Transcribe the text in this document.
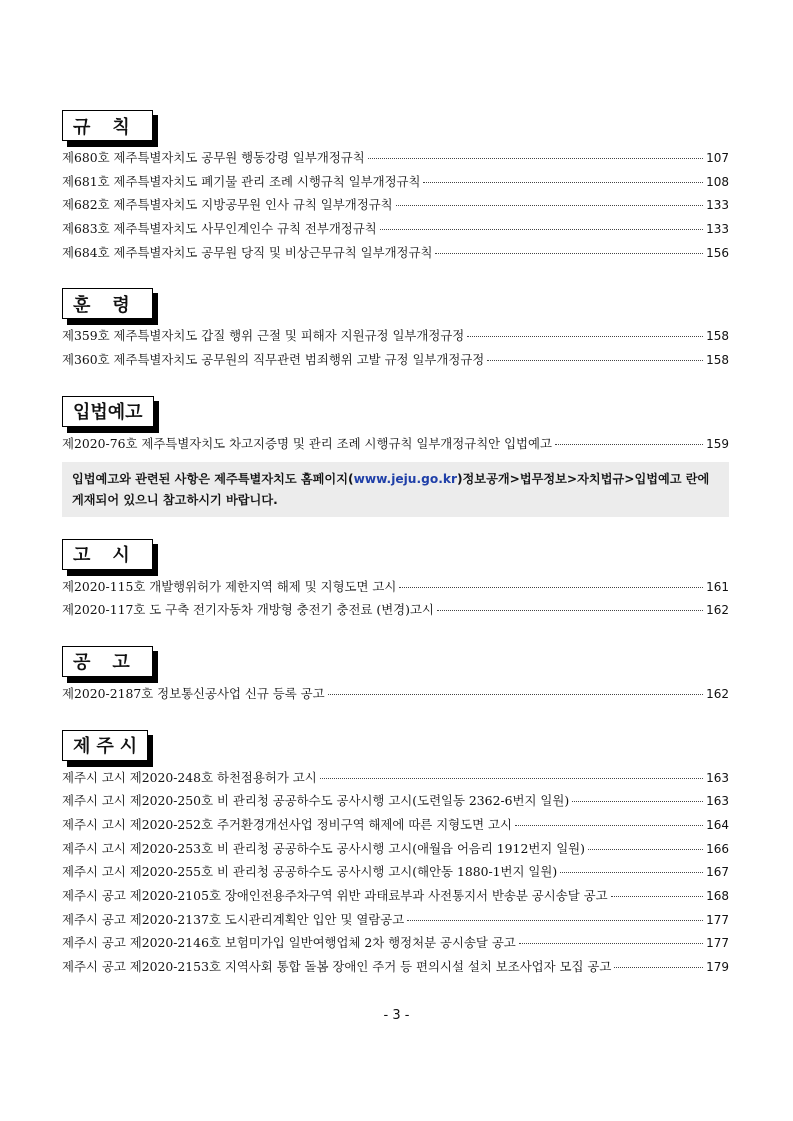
규칙
제680호 제주특별자치도 공무원 행동강령 일부개정규칙	107
제681호 제주특별자치도 폐기물 관리 조례 시행규칙 일부개정규칙	108
제682호 제주특별자치도 지방공무원 인사 규칙 일부개정규칙	133
제683호 제주특별자치도 사무인계인수 규칙 전부개정규칙	133
제684호 제주특별자치도 공무원 당직 및 비상근무규칙 일부개정규칙	156
훈령
제359호 제주특별자치도 갑질 행위 근절 및 피해자 지원규정 일부개정규정	158
제360호 제주특별자치도 공무원의 직무관련 범죄행위 고발 규정 일부개정규정	158
입법예고
제2020-76호 제주특별자치도 차고지증명 및 관리 조례 시행규칙 일부개정규칙안 입법예고	159
입법예고와 관련된 사항은 제주특별자치도 홈페이지(www.jeju.go.kr)정보공개>법무정보>자치법규>입법예고 란에 게재되어 있으니 참고하시기 바랍니다.
고시
제2020-115호 개발행위허가 제한지역 해제 및 지형도면 고시	161
제2020-117호 도 구축 전기자동차 개방형 충전기 충전료 (변경)고시	162
공고
제2020-2187호 정보통신공사업 신규 등록 공고	162
제주시
제주시 고시 제2020-248호 하천점용허가 고시	163
제주시 고시 제2020-250호 비 관리청 공공하수도 공사시행 고시(도련일동 2362-6번지 일원)	163
제주시 고시 제2020-252호 주거환경개선사업 정비구역 해제에 따른 지형도면 고시	164
제주시 고시 제2020-253호 비 관리청 공공하수도 공사시행 고시(애월읍 어음리 1912번지 일원)	166
제주시 고시 제2020-255호 비 관리청 공공하수도 공사시행 고시(해안동 1880-1번지 일원)	167
제주시 공고 제2020-2105호 장애인전용주차구역 위반 과태료부과 사전통지서 반송분 공시송달 공고	168
제주시 공고 제2020-2137호 도시관리계획안 입안 및 열람공고	177
제주시 공고 제2020-2146호 보험미가입 일반여행업체 2차 행정처분 공시송달 공고	177
제주시 공고 제2020-2153호 지역사회 통합 돌봄 장애인 주거 등 편의시설 설치 보조사업자 모집 공고	179
- 3 -
